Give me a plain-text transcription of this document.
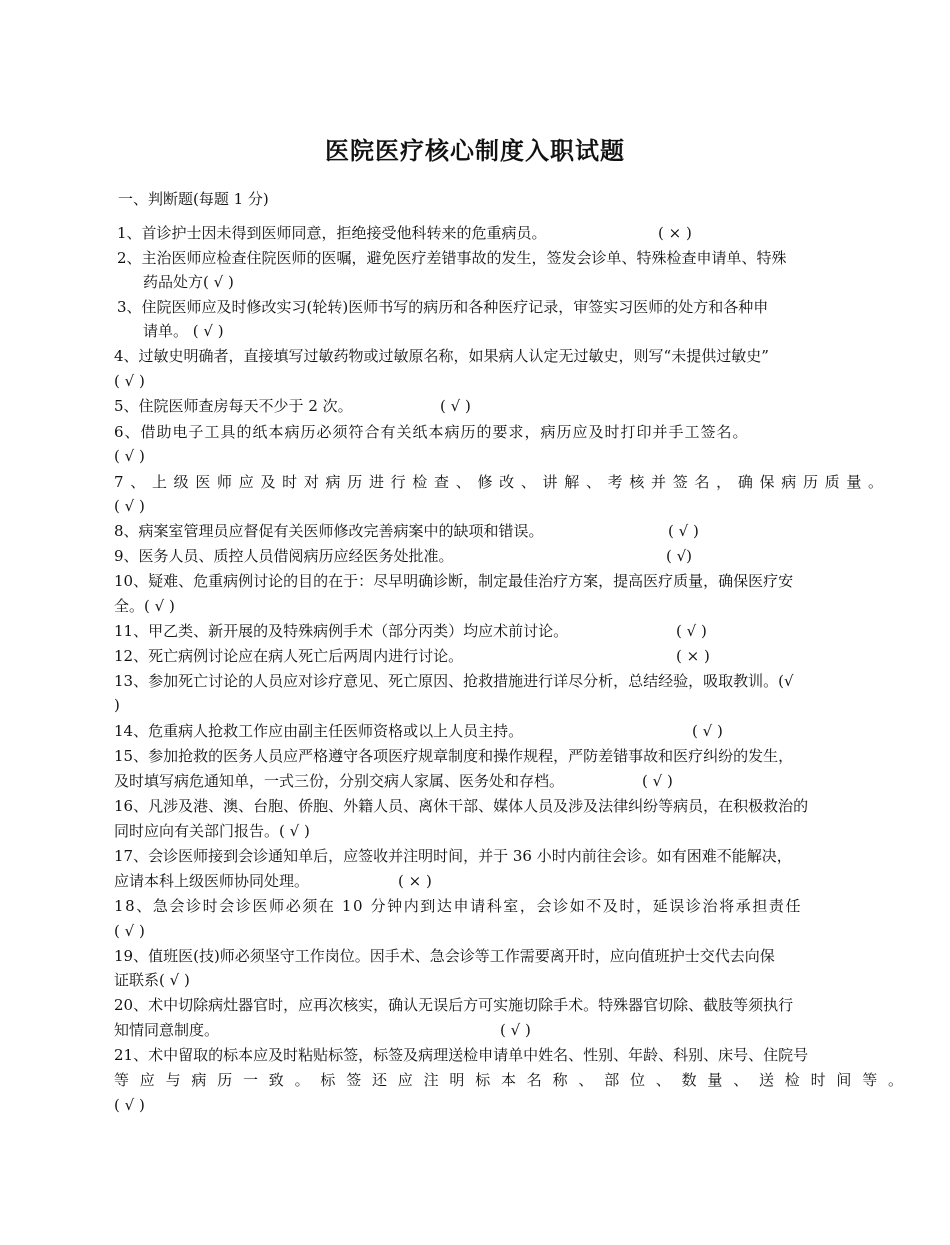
医院医疗核心制度入职试题
一、判断题(每题 1 分)
1、首诊护士因未得到医师同意，拒绝接受他科转来的危重病员。	( × )
2、主治医师应检查住院医师的医嘱，避免医疗差错事故的发生，签发会诊单、特殊检查申请单、特殊
药品处方( √ )
3、住院医师应及时修改实习(轮转)医师书写的病历和各种医疗记录，审签实习医师的处方和各种申
请单。 ( √ )
4、过敏史明确者，直接填写过敏药物或过敏原名称，如果病人认定无过敏史，则写“未提供过敏史”
( √ )
5、住院医师查房每天不少于 2 次。	( √ )
6、借助电子工具的纸本病历必须符合有关纸本病历的要求，病历应及时打印并手工签名。
( √ )
7、上级医师应及时对病历进行检查、修改、讲解、考核并签名，确保病历质量。
( √ )
8、病案室管理员应督促有关医师修改完善病案中的缺项和错误。	( √ )
9、医务人员、质控人员借阅病历应经医务处批准。	( √)
10、疑难、危重病例讨论的目的在于：尽早明确诊断，制定最佳治疗方案，提高医疗质量，确保医疗安
全。( √ )
11、甲乙类、新开展的及特殊病例手术（部分丙类）均应术前讨论。	( √ )
12、死亡病例讨论应在病人死亡后两周内进行讨论。	( × )
13、参加死亡讨论的人员应对诊疗意见、死亡原因、抢救措施进行详尽分析，总结经验，吸取教训。(√
)
14、危重病人抢救工作应由副主任医师资格或以上人员主持。	( √ )
15、参加抢救的医务人员应严格遵守各项医疗规章制度和操作规程，严防差错事故和医疗纠纷的发生，
及时填写病危通知单，一式三份，分别交病人家属、医务处和存档。	( √ )
16、凡涉及港、澳、台胞、侨胞、外籍人员、离休干部、媒体人员及涉及法律纠纷等病员，在积极救治的
同时应向有关部门报告。( √ )
17、会诊医师接到会诊通知单后，应签收并注明时间，并于 36 小时内前往会诊。如有困难不能解决，
应请本科上级医师协同处理。	( × )
18、急会诊时会诊医师必须在 10 分钟内到达申请科室，会诊如不及时，延误诊治将承担责任
( √ )
19、值班医(技)师必须坚守工作岗位。因手术、急会诊等工作需要离开时，应向值班护士交代去向保
证联系( √ )
20、术中切除病灶器官时，应再次核实，确认无误后方可实施切除手术。特殊器官切除、截肢等须执行
知情同意制度。	( √ )
21、术中留取的标本应及时粘贴标签，标签及病理送检申请单中姓名、性别、年龄、科别、床号、住院号
等应与病历一致。标签还应注明标本名称、部位、数量、送检时间等。
( √ )
